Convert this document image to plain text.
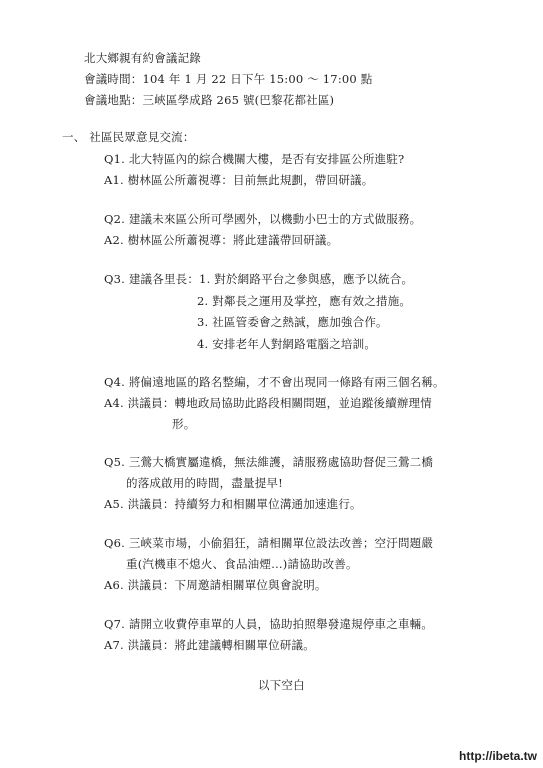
北大鄉親有約會議記錄
會議時間：104 年 1 月 22 日下午 15:00 ～ 17:00 點
會議地點：三峽區學成路 265 號(巴黎花都社區)
一、 社區民眾意見交流：
Q1. 北大特區內的綜合機關大樓，是否有安排區公所進駐?
A1. 樹林區公所蕭視導：目前無此規劃，帶回研議。
Q2. 建議未來區公所可學國外，以機動小巴士的方式做服務。
A2. 樹林區公所蕭視導：將此建議帶回研議。
Q3. 建議各里長：1. 對於網路平台之參與感，應予以統合。
2. 對鄰長之運用及掌控，應有效之措施。
3. 社區管委會之熱誠，應加強合作。
4. 安排老年人對網路電腦之培訓。
Q4. 將偏遠地區的路名整編，才不會出現同一條路有兩三個名稱。
A4. 洪議員：轉地政局協助此路段相關問題，並追蹤後續辦理情
形。
Q5. 三鶯大橋實屬違橋，無法維護，請服務處協助督促三鶯二橋
的落成啟用的時間，盡量提早!
A5. 洪議員：持續努力和相關單位溝通加速進行。
Q6. 三峽菜市場，小偷猖狂，請相關單位設法改善；空汙問題嚴
重(汽機車不熄火、食品油煙…)請協助改善。
A6. 洪議員：下周邀請相關單位與會說明。
Q7. 請開立收費停車單的人員，協助拍照舉發違規停車之車輛。
A7. 洪議員：將此建議轉相關單位研議。
以下空白
http://ibeta.tw
